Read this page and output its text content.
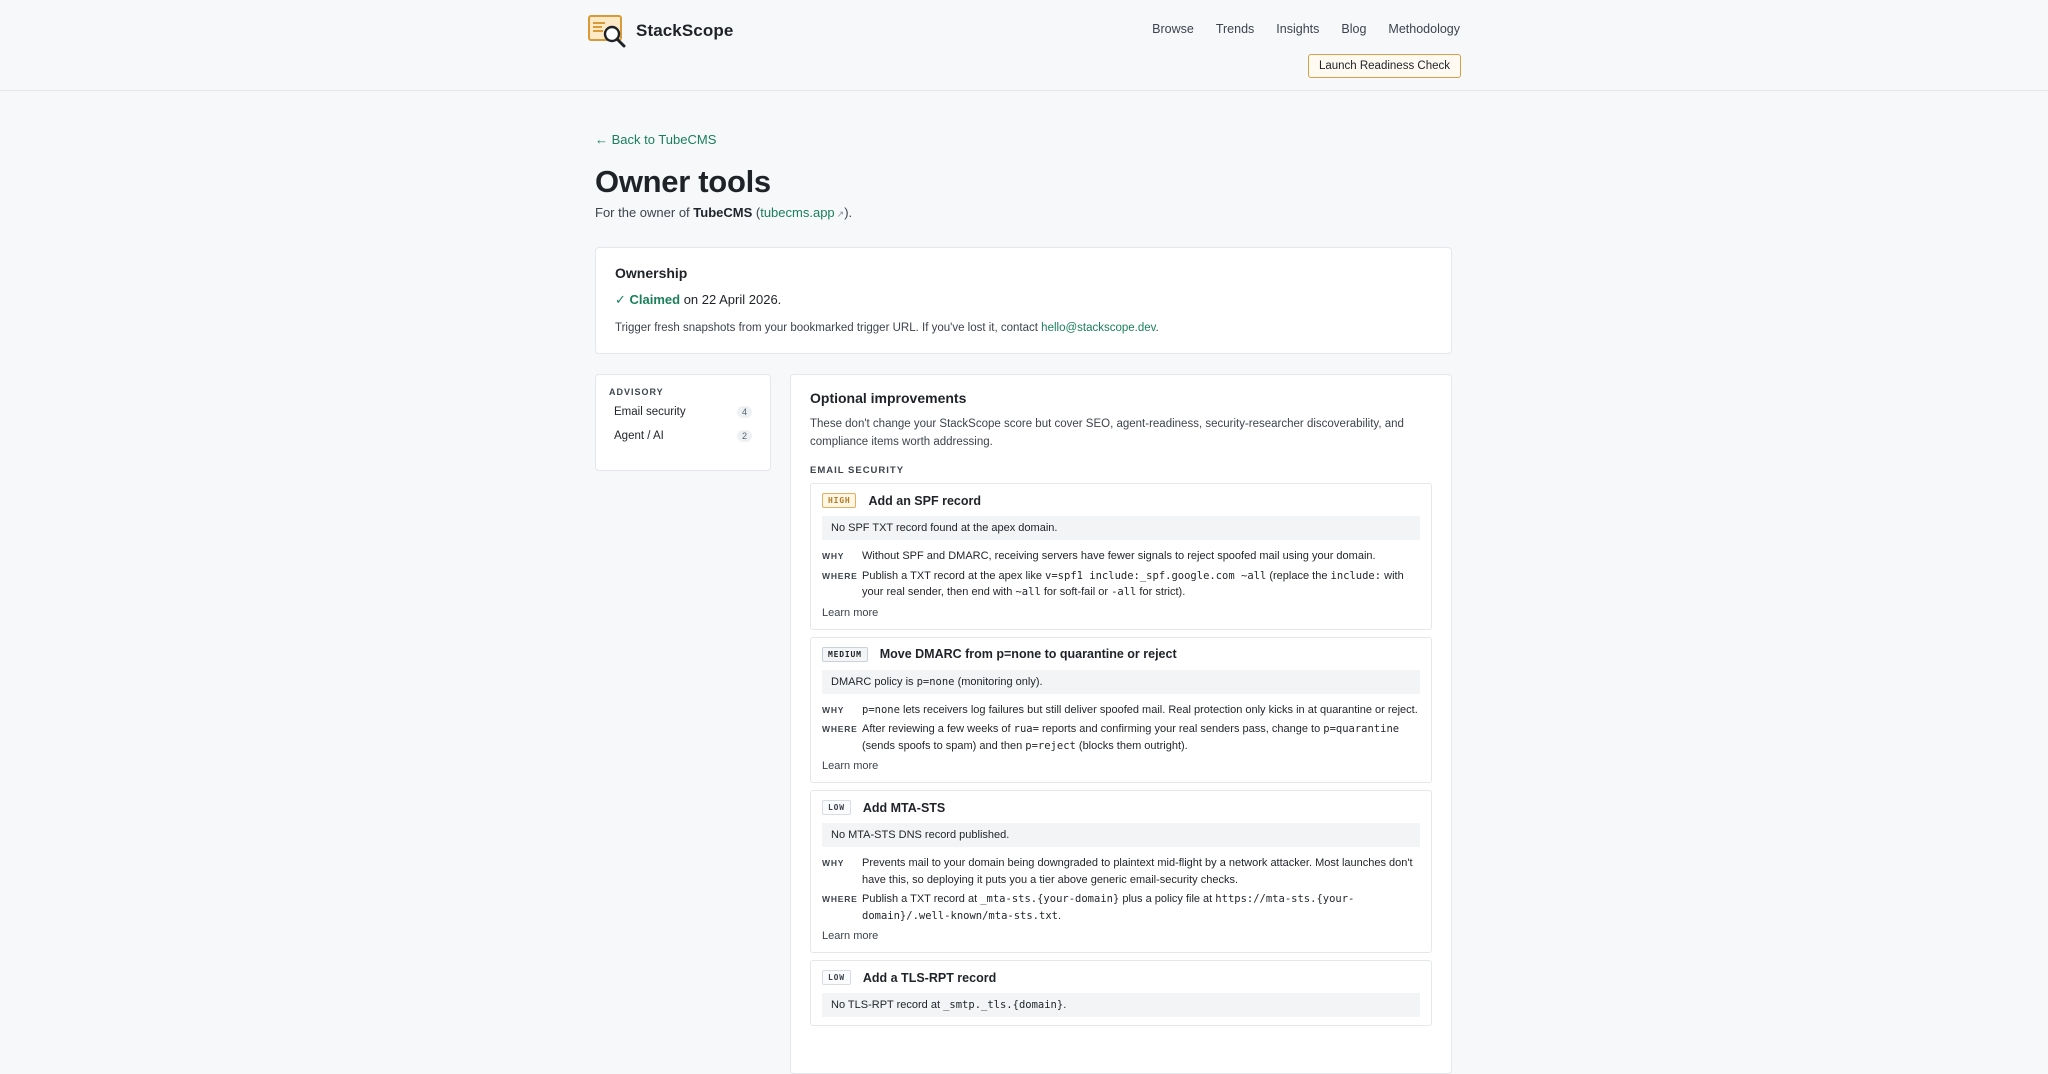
StackScope	Browse Trends Insights Blog Methodology
Launch Readiness Check
← Back to TubeCMS
Owner tools

For the owner of TubeCMS (tubecms.app ↗).

Ownership

✓ Claimed on 22 April 2026.

Trigger fresh snapshots from your bookmarked trigger URL. If you've lost it, contact hello@stackscope.dev.

ADVISORY
Email security	4
Agent / AI	2
Optional improvements

These don't change your StackScope score but cover SEO, agent-readiness, security-researcher discoverability, and compliance items worth addressing.

EMAIL SECURITY
HIGH	Add an SPF record
No SPF TXT record found at the apex domain.
WHY	Without SPF and DMARC, receiving servers have fewer signals to reject spoofed mail using your domain.
WHERE Publish a TXT record at the apex like v=spf1 include:_spf.google.com ~all (replace the include: with your real sender, then end with ~all for soft-fail or -all for strict).
Learn more
MEDIUM	Move DMARC from p=none to quarantine or reject
DMARC policy is p=none (monitoring only).
WHY	p=none lets receivers log failures but still deliver spoofed mail. Real protection only kicks in at quarantine or reject.
WHERE After reviewing a few weeks of rua= reports and confirming your real senders pass, change to p=quarantine (sends spoofs to spam) and then p=reject (blocks them outright).
Learn more
LOW	Add MTA-STS
No MTA-STS DNS record published.
WHY	Prevents mail to your domain being downgraded to plaintext mid-flight by a network attacker. Most launches don't have this, so deploying it puts you a tier above generic email-security checks.
WHERE Publish a TXT record at _mta-sts.{your-domain} plus a policy file at https://mta-sts.{your-domain}/.well-known/mta-sts.txt.
Learn more
LOW	Add a TLS-RPT record
No TLS-RPT record at _smtp._tls.{domain}.
